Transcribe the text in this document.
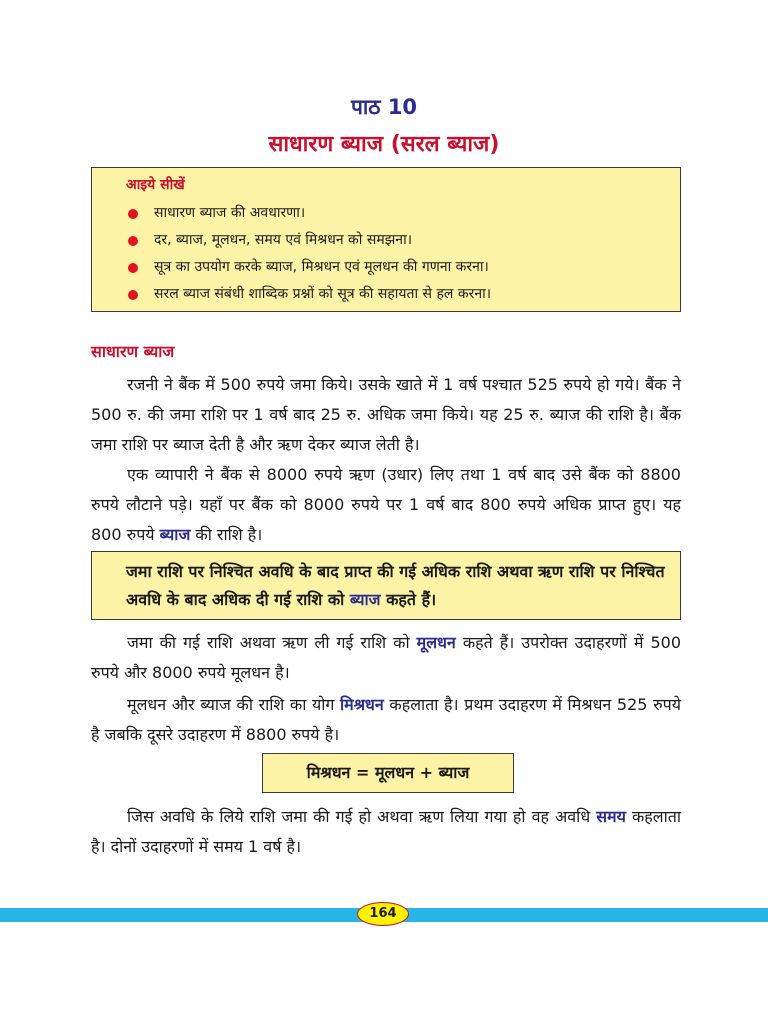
पाठ 10
साधारण ब्याज (सरल ब्याज)
आइये सीखें
साधारण ब्याज की अवधारणा।
दर, ब्याज, मूलधन, समय एवं मिश्रधन को समझना।
सूत्र का उपयोग करके ब्याज, मिश्रधन एवं मूलधन की गणना करना।
सरल ब्याज संबंधी शाब्दिक प्रश्नों को सूत्र की सहायता से हल करना।
साधारण ब्याज

रजनी ने बैंक में 500 रुपये जमा किये। उसके खाते में 1 वर्ष पश्चात 525 रुपये हो गये। बैंक ने 500 रु. की जमा राशि पर 1 वर्ष बाद 25 रु. अधिक जमा किये। यह 25 रु. ब्याज की राशि है। बैंक जमा राशि पर ब्याज देती है और ऋण देकर ब्याज लेती है।

एक व्यापारी ने बैंक से 8000 रुपये ऋण (उधार) लिए तथा 1 वर्ष बाद उसे बैंक को 8800 रुपये लौटाने पड़े। यहाँ पर बैंक को 8000 रुपये पर 1 वर्ष बाद 800 रुपये अधिक प्राप्त हुए। यह 800 रुपये ब्याज की राशि है।

जमा राशि पर निश्चित अवधि के बाद प्राप्त की गई अधिक राशि अथवा ऋण राशि पर निश्चित अवधि के बाद अधिक दी गई राशि को ब्याज कहते हैं।

जमा की गई राशि अथवा ऋण ली गई राशि को मूलधन कहते हैं। उपरोक्त उदाहरणों में 500 रुपये और 8000 रुपये मूलधन है।

मूलधन और ब्याज की राशि का योग मिश्रधन कहलाता है। प्रथम उदाहरण में मिश्रधन 525 रुपये है जबकि दूसरे उदाहरण में 8800 रुपये है।

मिश्रधन = मूलधन + ब्याज

जिस अवधि के लिये राशि जमा की गई हो अथवा ऋण लिया गया हो वह अवधि समय कहलाता है। दोनों उदाहरणों में समय 1 वर्ष है।

164
